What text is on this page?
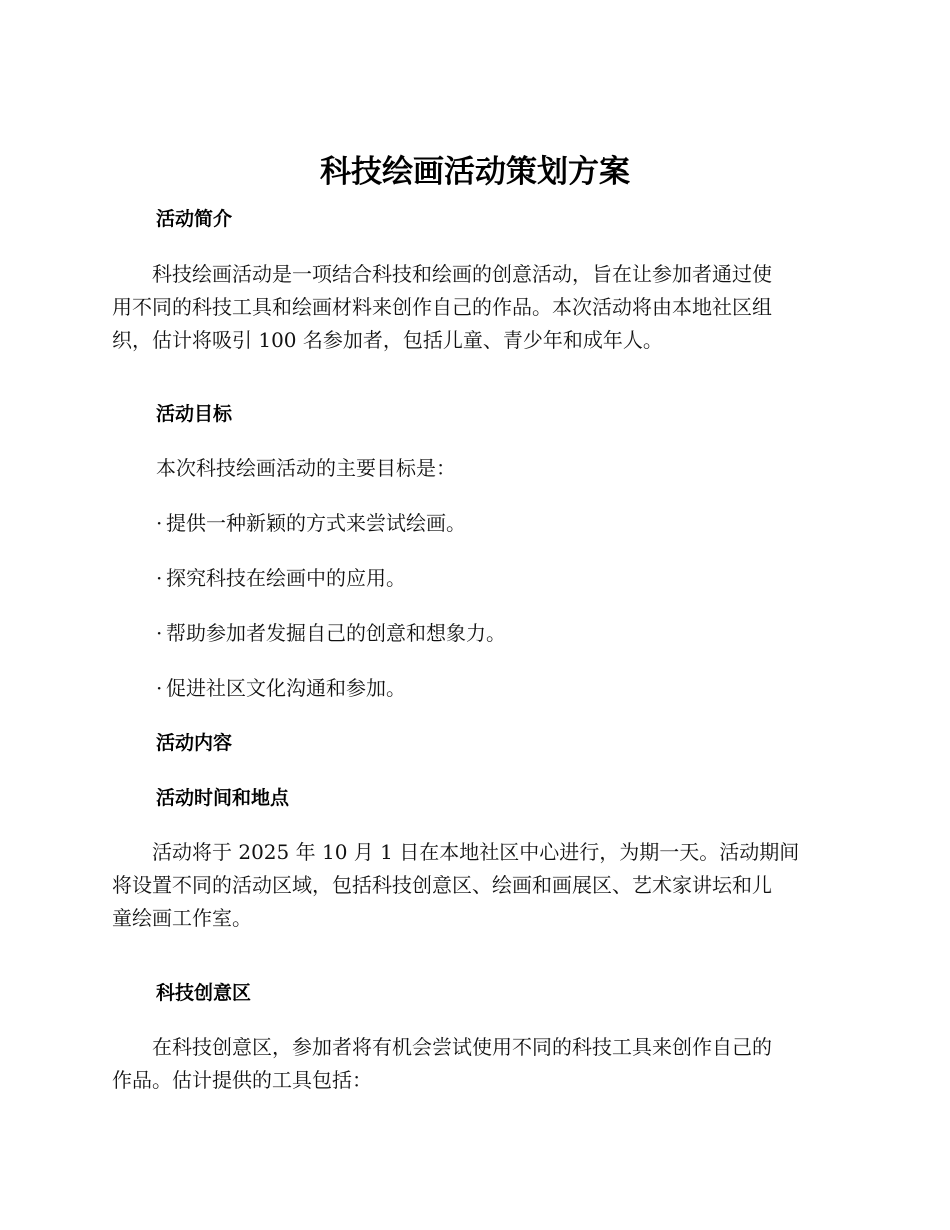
科技绘画活动策划方案
活动简介
　　科技绘画活动是一项结合科技和绘画的创意活动，旨在让参加者通过使
用不同的科技工具和绘画材料来创作自己的作品。本次活动将由本地社区组
织，估计将吸引 100 名参加者，包括儿童、青少年和成年人。
活动目标

本次科技绘画活动的主要目标是：

· 提供一种新颖的方式来尝试绘画。

· 探究科技在绘画中的应用。

· 帮助参加者发掘自己的创意和想象力。

· 促进社区文化沟通和参加。

活动内容
活动时间和地点
　　活动将于 2025 年 10 月 1 日在本地社区中心进行，为期一天。活动期间
将设置不同的活动区域，包括科技创意区、绘画和画展区、艺术家讲坛和儿
童绘画工作室。
科技创意区
　　在科技创意区，参加者将有机会尝试使用不同的科技工具来创作自己的
作品。估计提供的工具包括：
